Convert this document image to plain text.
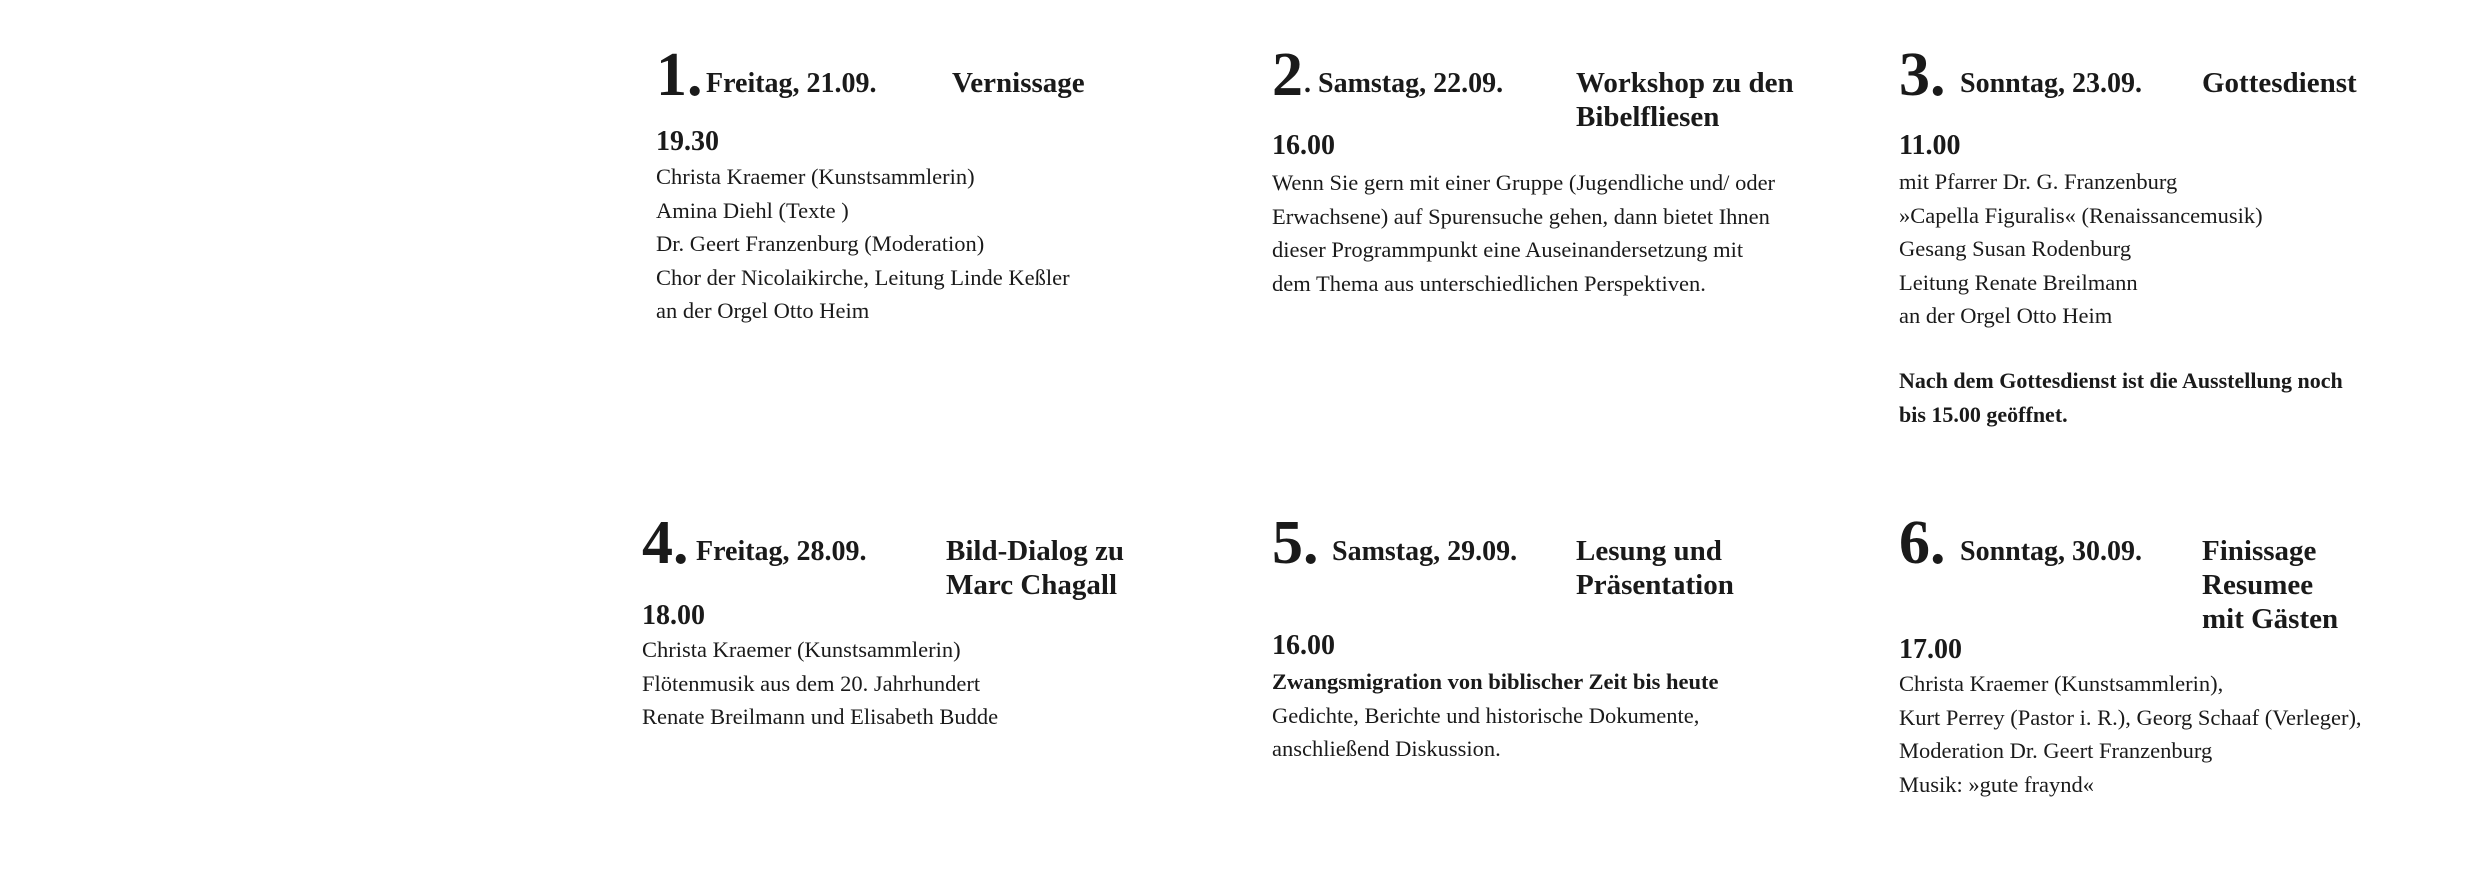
1. Freitag, 21.09.	Vernissage
19.30
Christa Kraemer (Kunstsammlerin)
Amina Diehl (Texte )
Dr. Geert Franzenburg (Moderation)
Chor der Nicolaikirche, Leitung Linde Keßler
an der Orgel Otto Heim
2 . Samstag, 22.09.	Workshop zu den
Bibelfliesen
16.00
Wenn Sie gern mit einer Gruppe (Jugendliche und/ oder
Erwachsene) auf Spurensuche gehen, dann bietet Ihnen
dieser Programmpunkt eine Auseinandersetzung mit
dem Thema aus unterschiedlichen Perspektiven.
3. Sonntag, 23.09. Gottesdienst
11.00
mit Pfarrer Dr. G. Franzenburg
»Capella Figuralis« (Renaissancemusik)
Gesang Susan Rodenburg
Leitung Renate Breilmann
an der Orgel Otto Heim
Nach dem Gottesdienst ist die Ausstellung noch
bis 15.00 geöffnet.
4. Freitag, 28.09.	Bild-Dialog zu
Marc Chagall
18.00
Christa Kraemer (Kunstsammlerin)
Flötenmusik aus dem 20. Jahrhundert
Renate Breilmann und Elisabeth Budde
5. Samstag, 29.09. Lesung und
Präsentation
16.00
Zwangsmigration von biblischer Zeit bis heute
Gedichte, Berichte und historische Dokumente,
anschließend Diskussion.
6. Sonntag, 30.09. Finissage
Resumee
mit Gästen
17.00
Christa Kraemer (Kunstsammlerin),
Kurt Perrey (Pastor i. R.), Georg Schaaf (Verleger),
Moderation Dr. Geert Franzenburg
Musik: »gute fraynd«
